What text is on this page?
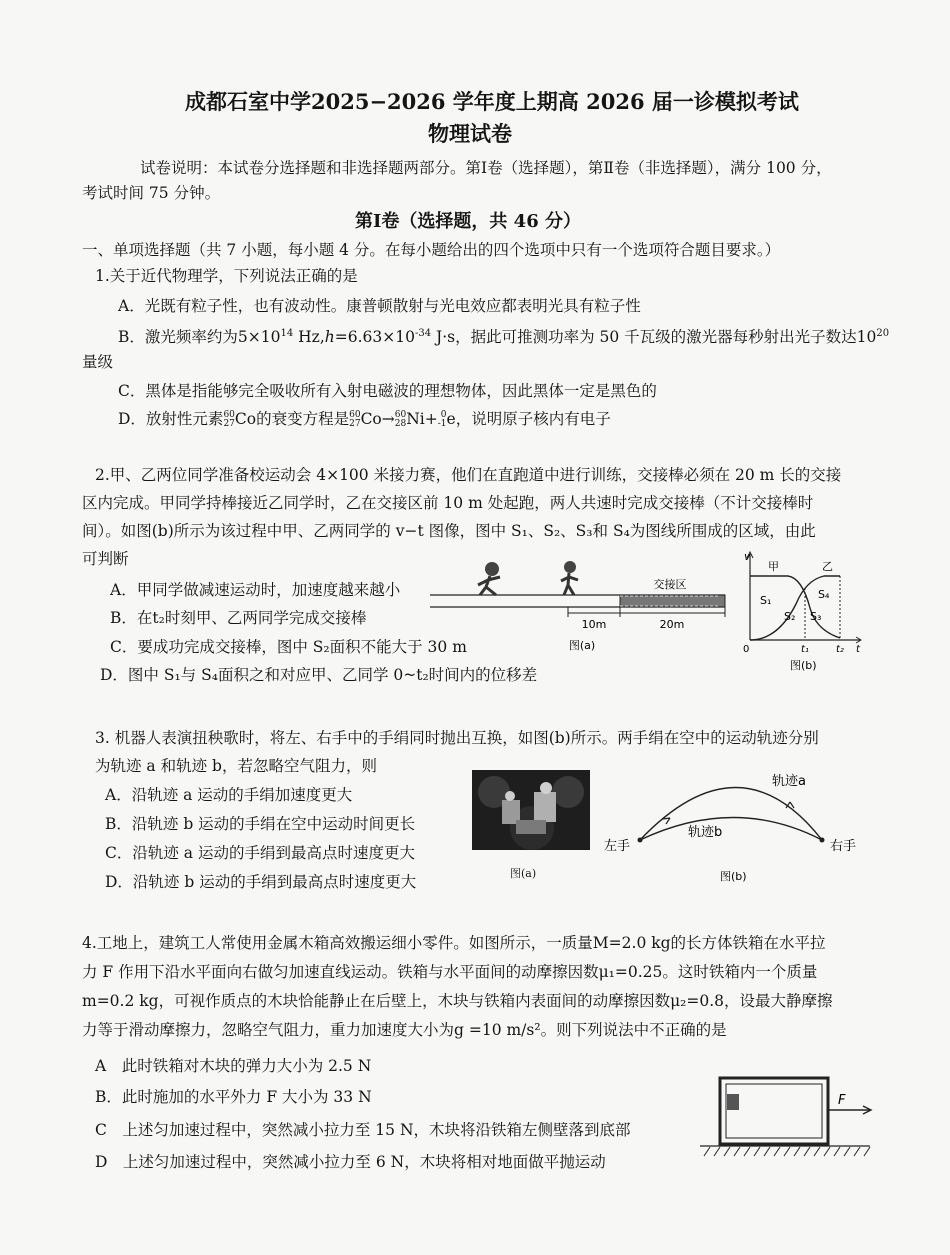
成都石室中学2025−2026 学年度上期高 2026 届一诊模拟考试
物理试卷
试卷说明：本试卷分选择题和非选择题两部分。第Ⅰ卷（选择题），第Ⅱ卷（非选择题），满分 100 分，
考试时间 75 分钟。
第Ⅰ卷（选择题，共 46 分）
一、单项选择题（共 7 小题，每小题 4 分。在每小题给出的四个选项中只有一个选项符合题目要求。）
1.关于近代物理学，下列说法正确的是
A．光既有粒子性，也有波动性。康普顿散射与光电效应都表明光具有粒子性
B．激光频率约为$5\times 10^{14}$ $Hz,h=6.63\times 10^{-34}$ J·s，据此可推测功率为 50 千瓦级的激光器每秒射出光子数达$10^{20}$
量级
C．黑体是指能够完全吸收所有入射电磁波的理想物体，因此黑体一定是黑色的
D．放射性元素60
27Co的衰变方程是60
27Co→60
28Ni+ 0
-1e，说明原子核内有电子
2.甲、乙两位同学准备校运动会 4×100 米接力赛，他们在直跑道中进行训练，交接棒必须在 20 m 长的交接
区内完成。甲同学持棒接近乙同学时，乙在交接区前 10 m 处起跑，两人共速时完成交接棒（不计交接棒时
间）。如图(b)所示为该过程中甲、乙两同学的 v−t 图像，图中 S₁、S₂、S₃和 S₄为图线所围成的区域，由此
可判断
A．甲同学做减速运动时，加速度越来越小
B．在t₂时刻甲、乙两同学完成交接棒
C．要成功完成交接棒，图中 S₂面积不能大于 30 m
D．图中 S₁与 S₄面积之和对应甲、乙同学 0~t₂时间内的位移差
交接区
10m	20m
图(a)
v
甲	乙
S₁
S₂ S₃
S₄
0	t₁	t₂ t
图(b)
3. 机器人表演扭秧歌时，将左、右手中的手绢同时抛出互换，如图(b)所示。两手绢在空中的运动轨迹分别
为轨迹 a 和轨迹 b，若忽略空气阻力，则
A．沿轨迹 a 运动的手绢加速度更大
B．沿轨迹 b 运动的手绢在空中运动时间更长
C．沿轨迹 a 运动的手绢到最高点时速度更大
D．沿轨迹 b 运动的手绢到最高点时速度更大	图(a)
轨迹a
轨迹b
左手	右手
图(b)
4.工地上，建筑工人常使用金属木箱高效搬运细小零件。如图所示，一质量M=2.0 kg的长方体铁箱在水平拉
力 F 作用下沿水平面向右做匀加速直线运动。铁箱与水平面间的动摩擦因数μ₁=0.25。这时铁箱内一个质量
m=0.2 kg，可视作质点的木块恰能静止在后壁上，木块与铁箱内表面间的动摩擦因数μ₂=0.8，设最大静摩擦
力等于滑动摩擦力，忽略空气阻力，重力加速度大小为g =10 m/s²。则下列说法中不正确的是
A　此时铁箱对木块的弹力大小为 2.5 N
B．此时施加的水平外力 F 大小为 33 N
C　上述匀加速过程中，突然减小拉力至 15 N，木块将沿铁箱左侧壁落到底部
D　上述匀加速过程中，突然减小拉力至 6 N，木块将相对地面做平抛运动
F
